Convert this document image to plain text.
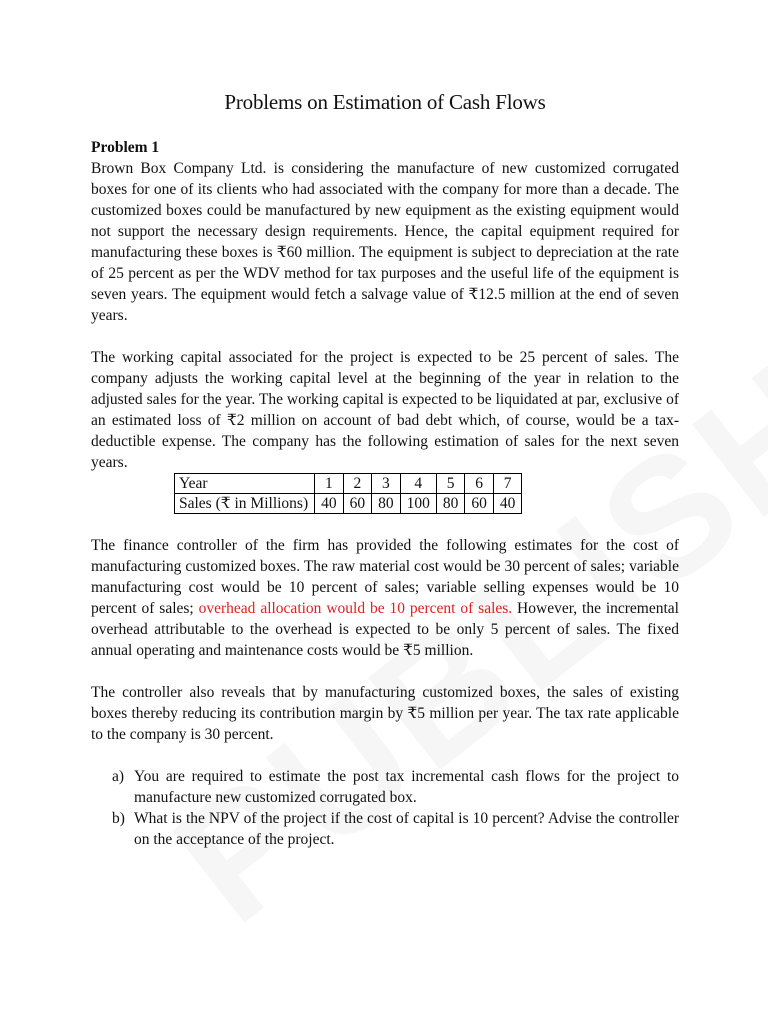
Problems on Estimation of Cash Flows
Problem 1

Brown Box Company Ltd. is considering the manufacture of new customized corrugated boxes for one of its clients who had associated with the company for more than a decade. The customized boxes could be manufactured by new equipment as the existing equipment would not support the necessary design requirements. Hence, the capital equipment required for manufacturing these boxes is ₹60 million. The equipment is subject to depreciation at the rate of 25 percent as per the WDV method for tax purposes and the useful life of the equipment is seven years. The equipment would fetch a salvage value of ₹12.5 million at the end of seven years.

The working capital associated for the project is expected to be 25 percent of sales. The company adjusts the working capital level at the beginning of the year in relation to the adjusted sales for the year. The working capital is expected to be liquidated at par, exclusive of an estimated loss of ₹2 million on account of bad debt which, of course, would be a tax-deductible expense. The company has the following estimation of sales for the next seven years.

Year	1	2	3	4	5	6	7
Sales (₹ in Millions)	40	60	80	100	80	60	40

The finance controller of the firm has provided the following estimates for the cost of manufacturing customized boxes. The raw material cost would be 30 percent of sales; variable manufacturing cost would be 10 percent of sales; variable selling expenses would be 10 percent of sales; overhead allocation would be 10 percent of sales. However, the incremental overhead attributable to the overhead is expected to be only 5 percent of sales. The fixed annual operating and maintenance costs would be ₹5 million.

The controller also reveals that by manufacturing customized boxes, the sales of existing boxes thereby reducing its contribution margin by ₹5 million per year. The tax rate applicable to the company is 30 percent.

a) You are required to estimate the post tax incremental cash flows for the project to manufacture new customized corrugated box.
b) What is the NPV of the project if the cost of capital is 10 percent? Advise the controller on the acceptance of the project.
